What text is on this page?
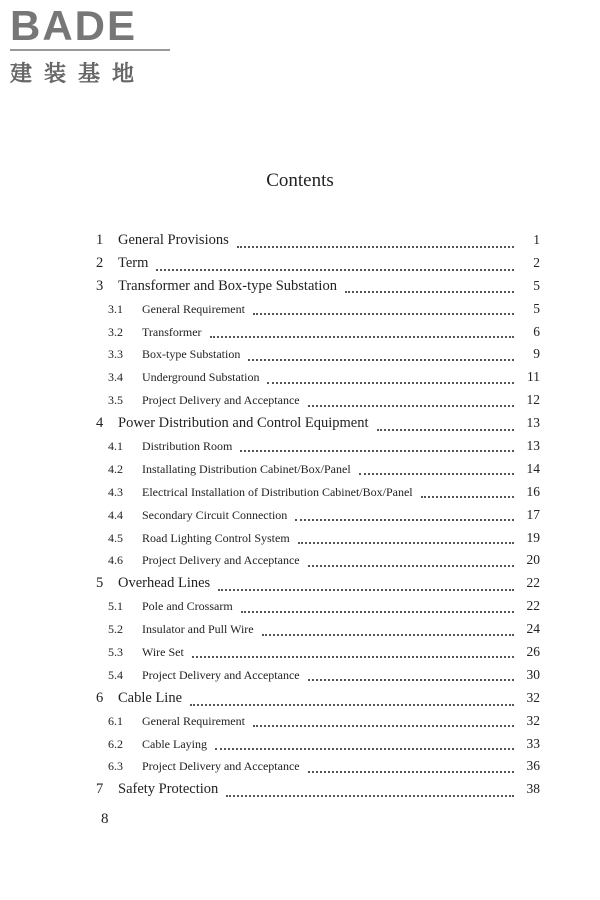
BADE
建装基地
Contents
1	General Provisions	1
2	Term	2
3	Transformer and Box-type Substation	5
3.1	General Requirement	5
3.2	Transformer	6
3.3	Box-type Substation	9
3.4	Underground Substation	11
3.5	Project Delivery and Acceptance	12
4	Power Distribution and Control Equipment	13
4.1	Distribution Room	13
4.2	Installating Distribution Cabinet/Box/Panel	14
4.3	Electrical Installation of Distribution Cabinet/Box/Panel	16
4.4	Secondary Circuit Connection	17
4.5	Road Lighting Control System	19
4.6	Project Delivery and Acceptance	20
5	Overhead Lines	22
5.1	Pole and Crossarm	22
5.2	Insulator and Pull Wire	24
5.3	Wire Set	26
5.4	Project Delivery and Acceptance	30
6	Cable Line	32
6.1	General Requirement	32
6.2	Cable Laying	33
6.3	Project Delivery and Acceptance	36
7	Safety Protection	38
8
